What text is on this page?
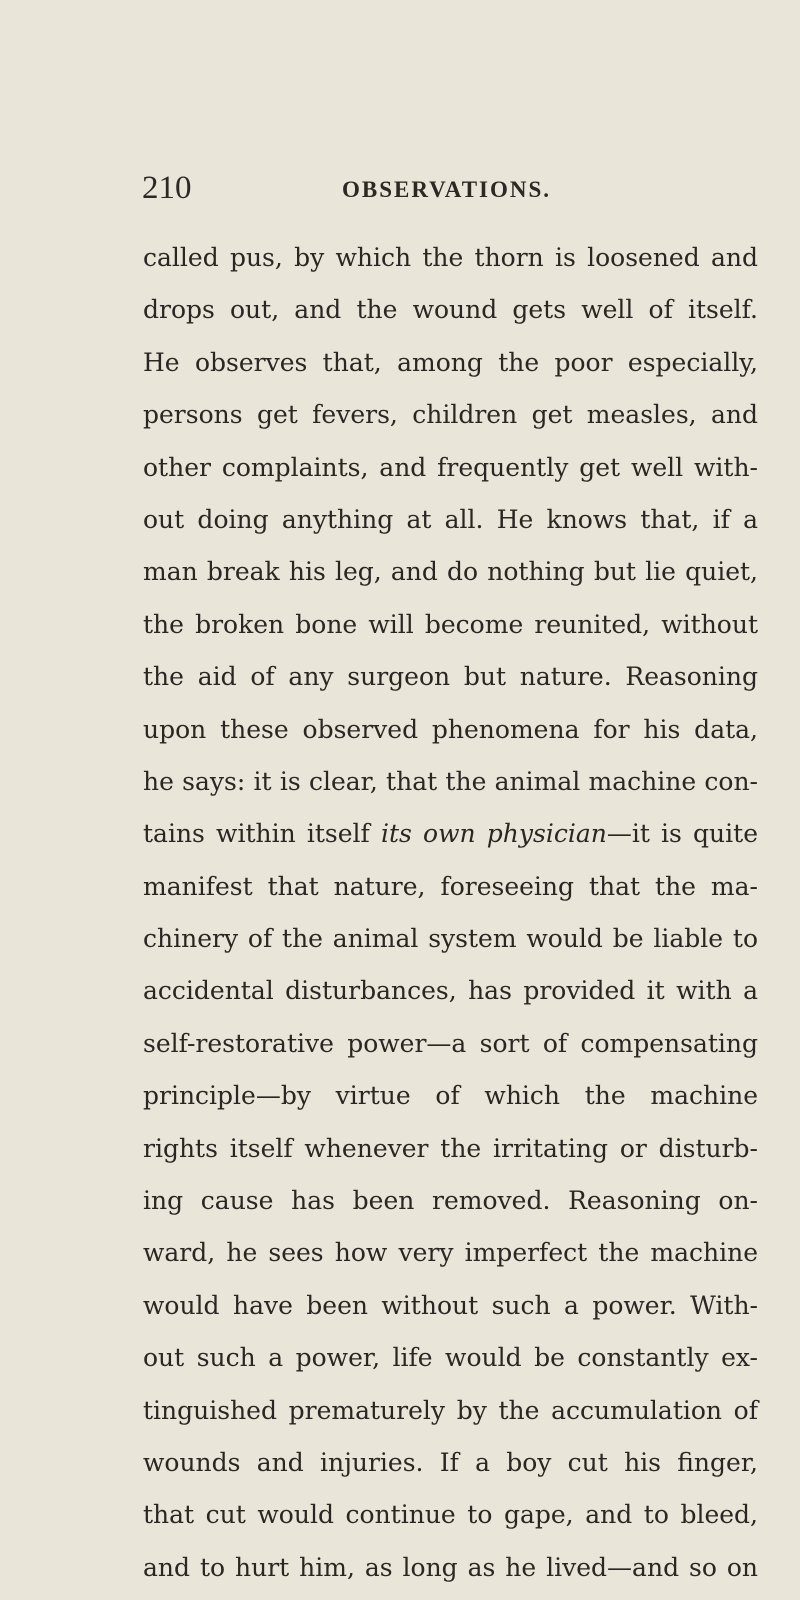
210	OBSERVATIONS.
called pus, by which the thorn is loosened and
drops out, and the wound gets well of itself.
He observes that, among the poor especially,
persons get fevers, children get measles, and
other complaints, and frequently get well with-
out doing anything at all. He knows that, if a
man break his leg, and do nothing but lie quiet,
the broken bone will become reunited, without
the aid of any surgeon but nature. Reasoning
upon these observed phenomena for his data,
he says: it is clear, that the animal machine con-
tains within itself its own physician—it is quite
manifest that nature, foreseeing that the ma-
chinery of the animal system would be liable to
accidental disturbances, has provided it with a
self-restorative power—a sort of compensating
principle—by virtue of which the machine
rights itself whenever the irritating or disturb-
ing cause has been removed. Reasoning on-
ward, he sees how very imperfect the machine
would have been without such a power. With-
out such a power, life would be constantly ex-
tinguished prematurely by the accumulation of
wounds and injuries. If a boy cut his finger,
that cut would continue to gape, and to bleed,
and to hurt him, as long as he lived—and so on
